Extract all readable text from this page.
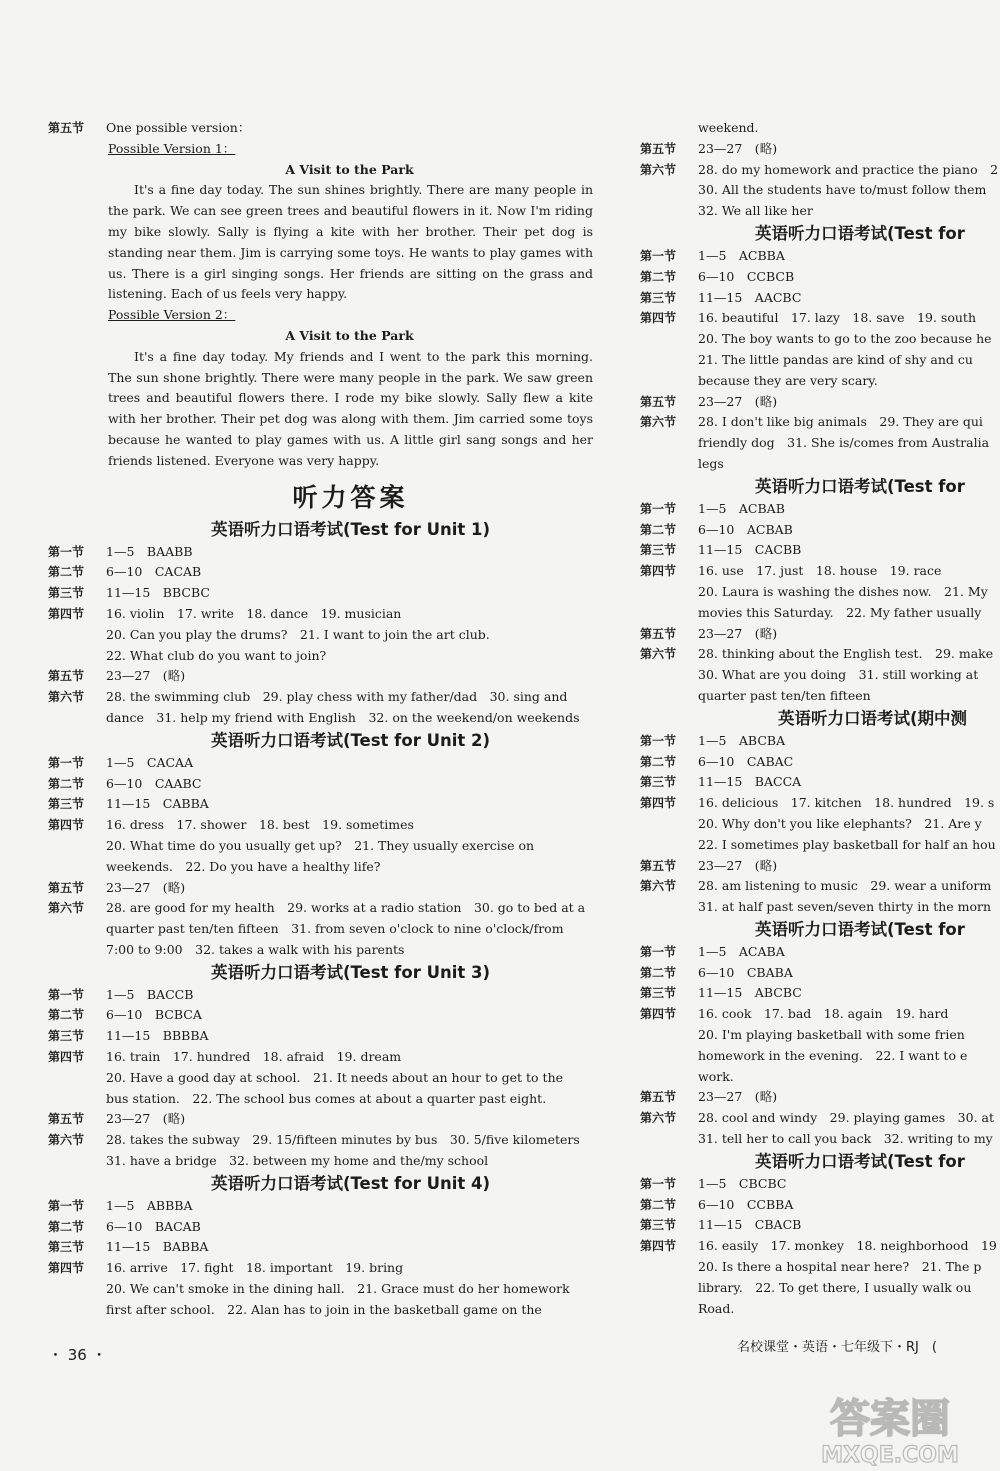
第五节	One possible version：
Possible Version 1：
A Visit to the Park
It's a fine day today. The sun shines brightly. There are many people in the park. We can see green trees and beautiful flowers in it. Now I'm riding my bike slowly. Sally is flying a kite with her brother. Their pet dog is standing near them. Jim is carrying some toys. He wants to play games with us. There is a girl singing songs. Her friends are sitting on the grass and listening. Each of us feels very happy.
Possible Version 2：
A Visit to the Park
It's a fine day today. My friends and I went to the park this morning. The sun shone brightly. There were many people in the park. We saw green trees and beautiful flowers there. I rode my bike slowly. Sally flew a kite with her brother. Their pet dog was along with them. Jim carried some toys because he wanted to play games with us. A little girl sang songs and her friends listened. Everyone was very happy.
听力答案
英语听力口语考试(Test for Unit 1)
第一节	1—5　BAABB
第二节	6—10　CACAB
第三节	11—15　BBCBC
第四节	16. violin　17. write　18. dance　19. musician
20. Can you play the drums?　21. I want to join the art club.
22. What club do you want to join?
第五节	23—27　(略)
第六节	28. the swimming club　29. play chess with my father/dad　30. sing and
dance　31. help my friend with English　32. on the weekend/on weekends
英语听力口语考试(Test for Unit 2)
第一节	1—5　CACAA
第二节	6—10　CAABC
第三节	11—15　CABBA
第四节	16. dress　17. shower　18. best　19. sometimes
20. What time do you usually get up?　21. They usually exercise on
weekends.　22. Do you have a healthy life?
第五节	23—27　(略)
第六节	28. are good for my health　29. works at a radio station　30. go to bed at a
quarter past ten/ten fifteen　31. from seven o'clock to nine o'clock/from
7:00 to 9:00　32. takes a walk with his parents
英语听力口语考试(Test for Unit 3)
第一节	1—5　BACCB
第二节	6—10　BCBCA
第三节	11—15　BBBBA
第四节	16. train　17. hundred　18. afraid　19. dream
20. Have a good day at school.　21. It needs about an hour to get to the
bus station.　22. The school bus comes at about a quarter past eight.
第五节	23—27　(略)
第六节	28. takes the subway　29. 15/fifteen minutes by bus　30. 5/five kilometers
31. have a bridge　32. between my home and the/my school
英语听力口语考试(Test for Unit 4)
第一节	1—5　ABBBA
第二节	6—10　BACAB
第三节	11—15　BABBA
第四节	16. arrive　17. fight　18. important　19. bring
20. We can't smoke in the dining hall.　21. Grace must do her homework
first after school.　22. Alan has to join in the basketball game on the
weekend.
第五节	23—27　(略)
第六节	28. do my homework and practice the piano　2
30. All the students have to/must follow them
32. We all like her
英语听力口语考试(Test for
第一节	1—5　ACBBA
第二节	6—10　CCBCB
第三节	11—15　AACBC
第四节	16. beautiful　17. lazy　18. save　19. south
20. The boy wants to go to the zoo because he
21. The little pandas are kind of shy and cu
because they are very scary.
第五节	23—27　(略)
第六节	28. I don't like big animals　29. They are qui
friendly dog　31. She is/comes from Australia
legs
英语听力口语考试(Test for
第一节	1—5　ACBAB
第二节	6—10　ACBAB
第三节	11—15　CACBB
第四节	16. use　17. just　18. house　19. race
20. Laura is washing the dishes now.　21. My
movies this Saturday.　22. My father usually
第五节	23—27　(略)
第六节	28. thinking about the English test.　29. make
30. What are you doing　31. still working at
quarter past ten/ten fifteen
英语听力口语考试(期中测
第一节	1—5　ABCBA
第二节	6—10　CABAC
第三节	11—15　BACCA
第四节	16. delicious　17. kitchen　18. hundred　19. s
20. Why don't you like elephants?　21. Are y
22. I sometimes play basketball for half an hou
第五节	23—27　(略)
第六节	28. am listening to music　29. wear a uniform
31. at half past seven/seven thirty in the morn
英语听力口语考试(Test for
第一节	1—5　ACABA
第二节	6—10　CBABA
第三节	11—15　ABCBC
第四节	16. cook　17. bad　18. again　19. hard
20. I'm playing basketball with some frien
homework in the evening.　22. I want to e
work.
第五节	23—27　(略)
第六节	28. cool and windy　29. playing games　30. at
31. tell her to call you back　32. writing to my
英语听力口语考试(Test for
第一节	1—5　CBCBC
第二节	6—10　CCBBA
第三节	11—15　CBACB
第四节	16. easily　17. monkey　18. neighborhood　19
20. Is there a hospital near here?　21. The p
library.　22. To get there, I usually walk ou
Road.
・ 36 ・	名校课堂・英语・七年级下・RJ　(
答案圈
MXQE.COM
